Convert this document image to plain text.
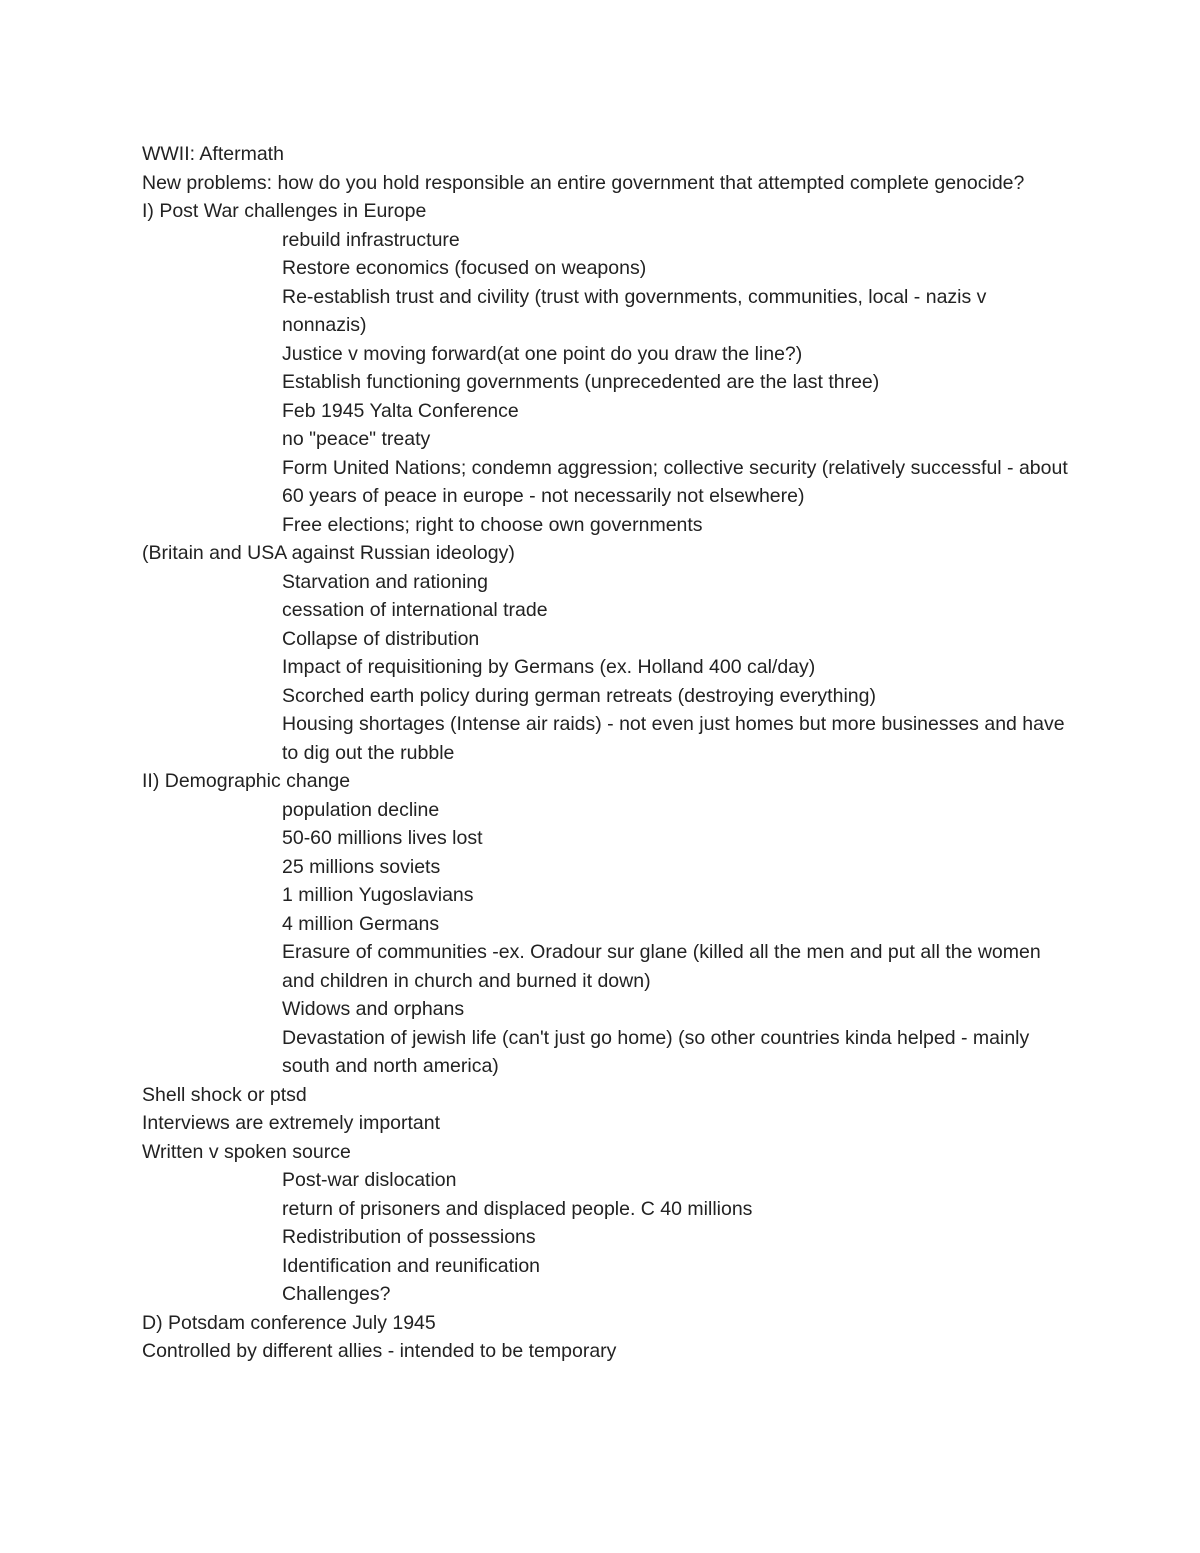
WWII: Aftermath
New problems: how do you hold responsible an entire government that attempted complete genocide?
I) Post War challenges in Europe
rebuild infrastructure
Restore economics (focused on weapons)
Re-establish trust and civility (trust with governments, communities, local - nazis v nonnazis)
Justice v moving forward(at one point do you draw the line?)
Establish functioning governments (unprecedented are the last three)
Feb 1945 Yalta Conference
no "peace" treaty
Form United Nations; condemn aggression; collective security (relatively successful - about 60 years of peace in europe - not necessarily not elsewhere)
Free elections; right to choose own governments
(Britain and USA against Russian ideology)
Starvation and rationing
cessation of international trade
Collapse of distribution
Impact of requisitioning by Germans (ex. Holland 400 cal/day)
Scorched earth policy during german retreats (destroying everything)
Housing shortages (Intense air raids) - not even just homes but more businesses and have to dig out the rubble
II) Demographic change
population decline
50-60 millions lives lost
25 millions soviets
1 million Yugoslavians
4 million Germans
Erasure of communities -ex. Oradour sur glane (killed all the men and put all the women and children in church and burned it down)
Widows and orphans
Devastation of jewish life (can't just go home) (so other countries kinda helped - mainly south and north america)
Shell shock or ptsd
Interviews are extremely important
Written v spoken source
Post-war dislocation
return of prisoners and displaced people. C 40 millions
Redistribution of possessions
Identification and reunification
Challenges?
D) Potsdam conference July 1945
Controlled by different allies - intended to be temporary
